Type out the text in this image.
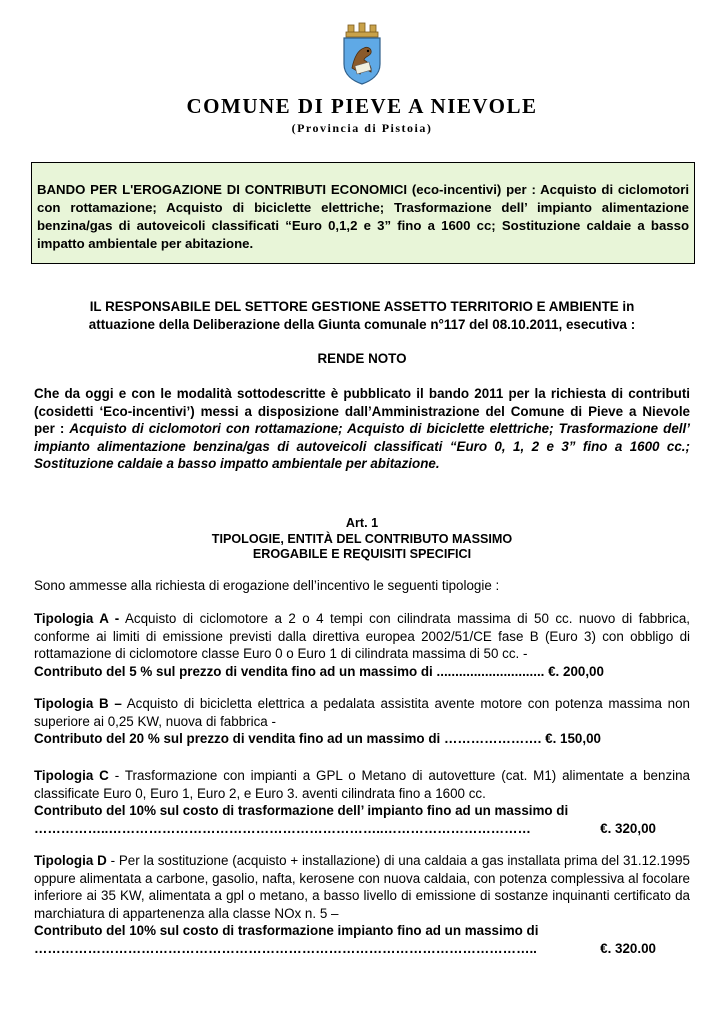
COMUNE DI PIEVE A NIEVOLE
(Provincia di Pistoia)
BANDO PER L'EROGAZIONE DI CONTRIBUTI ECONOMICI (eco-incentivi) per : Acquisto di ciclomotori con rottamazione; Acquisto di biciclette elettriche; Trasformazione dell’ impianto alimentazione benzina/gas di autoveicoli classificati “Euro 0,1,2 e 3” fino a 1600 cc; Sostituzione caldaie a basso impatto ambientale per abitazione.
IL RESPONSABILE DEL SETTORE GESTIONE ASSETTO TERRITORIO E AMBIENTE in
attuazione della Deliberazione della Giunta comunale n°117 del 08.10.2011, esecutiva :
RENDE NOTO
Che da oggi e con le modalità sottodescritte è pubblicato il bando 2011 per la richiesta di contributi (cosidetti ‘Eco-incentivi’) messi a disposizione dall’Amministrazione del Comune di Pieve a Nievole per : Acquisto di ciclomotori con rottamazione; Acquisto di biciclette elettriche; Trasformazione dell’ impianto alimentazione benzina/gas di autoveicoli classificati “Euro 0, 1, 2 e 3” fino a 1600 cc.; Sostituzione caldaie a basso impatto ambientale per abitazione.
Art. 1
TIPOLOGIE, ENTITÀ DEL CONTRIBUTO MASSIMO
EROGABILE E REQUISITI SPECIFICI
Sono ammesse alla richiesta di erogazione dell’incentivo le seguenti tipologie :
Tipologia A - Acquisto di ciclomotore a 2 o 4 tempi con cilindrata massima di 50 cc. nuovo di fabbrica, conforme ai limiti di emissione previsti dalla direttiva europea 2002/51/CE fase B (Euro 3) con obbligo di rottamazione di ciclomotore classe Euro 0 o Euro 1 di cilindrata massima di 50 cc. -
Contributo del 5 % sul prezzo di vendita fino ad un massimo di ............................. €. 200,00
Tipologia B – Acquisto di bicicletta elettrica a pedalata assistita avente motore con potenza massima non superiore ai 0,25 KW, nuova di fabbrica -
Contributo del 20 % sul prezzo di vendita fino ad un massimo di …………………. €. 150,00
Tipologia C - Trasformazione con impianti a GPL o Metano di autovetture (cat. M1) alimentate a benzina classificate Euro 0, Euro 1, Euro 2, e Euro 3. aventi cilindrata fino a 1600 cc.
Contributo del 10% sul costo di trasformazione dell’ impianto fino ad un massimo di
……………..……………………………………………………..……………………………	€. 320,00
Tipologia D - Per la sostituzione (acquisto + installazione) di una caldaia a gas installata prima del 31.12.1995 oppure alimentata a carbone, gasolio, nafta, kerosene con nuova caldaia, con potenza complessiva al focolare inferiore ai 35 KW, alimentata a gpl o metano, a basso livello di emissione di sostanze inquinanti certificato da marchiatura di appartenenza alla classe NOx n. 5 –
Contributo del 10% sul costo di trasformazione impianto fino ad un massimo di
…………………………………………………………………………………………………..	€. 320.00
